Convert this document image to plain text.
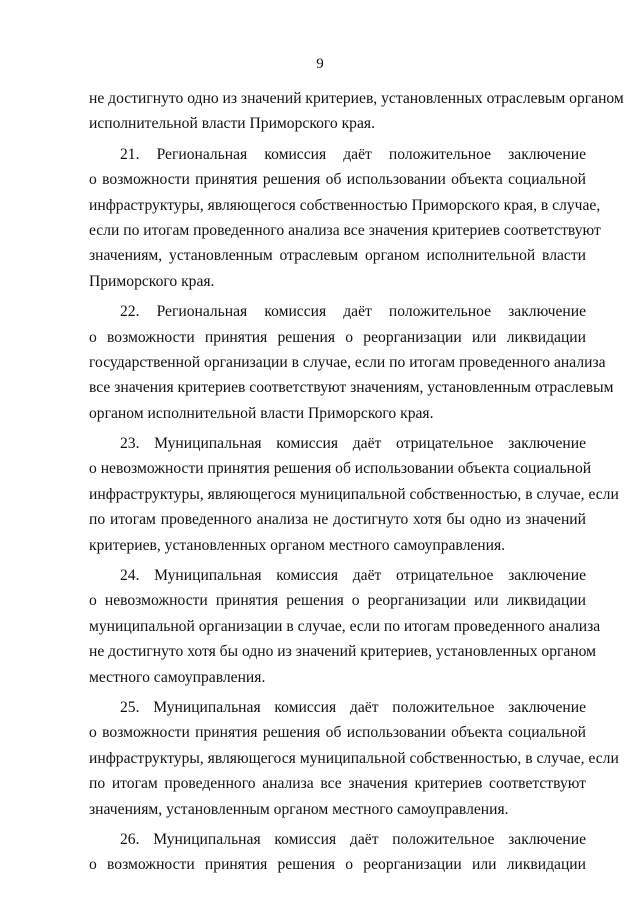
9
не достигнуто одно из значений критериев, установленных отраслевым органом
исполнительной власти Приморского края.
21. Региональная комиссия даёт положительное заключение
о возможности принятия решения об использовании объекта социальной
инфраструктуры, являющегося собственностью Приморского края, в случае,
если по итогам проведенного анализа все значения критериев соответствуют
значениям, установленным отраслевым органом исполнительной власти
Приморского края.
22. Региональная комиссия даёт положительное заключение
о возможности принятия решения о реорганизации или ликвидации
государственной организации в случае, если по итогам проведенного анализа
все значения критериев соответствуют значениям, установленным отраслевым
органом исполнительной власти Приморского края.
23. Муниципальная комиссия даёт отрицательное заключение
о невозможности принятия решения об использовании объекта социальной
инфраструктуры, являющегося муниципальной собственностью, в случае, если
по итогам проведенного анализа не достигнуто хотя бы одно из значений
критериев, установленных органом местного самоуправления.
24. Муниципальная комиссия даёт отрицательное заключение
о невозможности принятия решения о реорганизации или ликвидации
муниципальной организации в случае, если по итогам проведенного анализа
не достигнуто хотя бы одно из значений критериев, установленных органом
местного самоуправления.
25. Муниципальная комиссия даёт положительное заключение
о возможности принятия решения об использовании объекта социальной
инфраструктуры, являющегося муниципальной собственностью, в случае, если
по итогам проведенного анализа все значения критериев соответствуют
значениям, установленным органом местного самоуправления.
26. Муниципальная комиссия даёт положительное заключение
о возможности принятия решения о реорганизации или ликвидации
